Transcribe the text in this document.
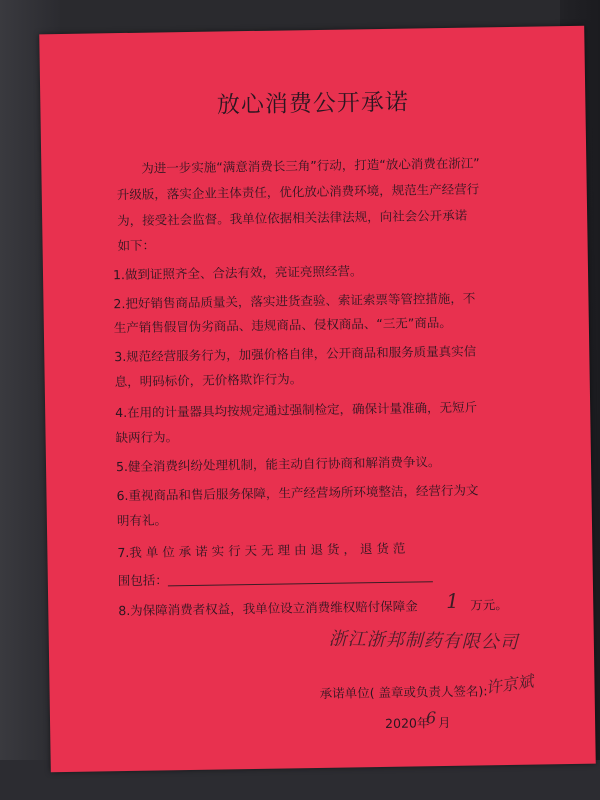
放心消费公开承诺
为进一步实施“满意消费长三角”行动，打造“放心消费在浙江”
升级版，落实企业主体责任，优化放心消费环境，规范生产经营行
为，接受社会监督。我单位依据相关法律法规，向社会公开承诺
如下：
1.做到证照齐全、合法有效，亮证亮照经营。
2.把好销售商品质量关，落实进货查验、索证索票等管控措施，不
生产销售假冒伪劣商品、违规商品、侵权商品、“三无”商品。
3.规范经营服务行为，加强价格自律，公开商品和服务质量真实信
息，明码标价，无价格欺诈行为。
4.在用的计量器具均按规定通过强制检定，确保计量准确，无短斤
缺两行为。
5.健全消费纠纷处理机制，能主动自行协商和解消费争议。
6.重视商品和售后服务保障，生产经营场所环境整洁，经营行为文
明有礼。
7.我 单 位 承 诺 实 行 天 无 理 由 退 货 ， 退 货 范
围包括：
8.为保障消费者权益，我单位设立消费维权赔付保障金 1 万元。
浙江浙邦制药有限公司
承诺单位( 盖章或负责人签名):
许京斌
2020年
6 月
